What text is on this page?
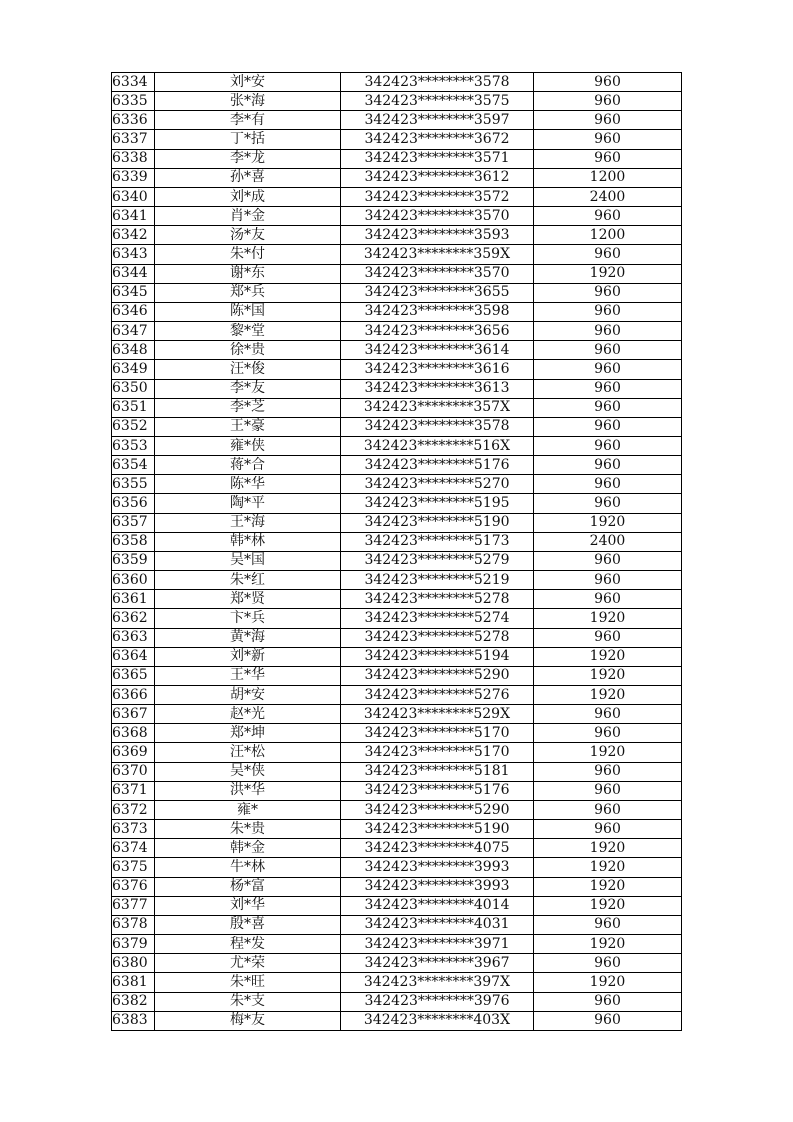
6334	刘*安	342423********3578	960
6335	张*海	342423********3575	960
6336	李*有	342423********3597	960
6337	丁*括	342423********3672	960
6338	李*龙	342423********3571	960
6339	孙*喜	342423********3612	1200
6340	刘*成	342423********3572	2400
6341	肖*金	342423********3570	960
6342	汤*友	342423********3593	1200
6343	朱*付	342423********359X	960
6344	谢*东	342423********3570	1920
6345	郑*兵	342423********3655	960
6346	陈*国	342423********3598	960
6347	黎*堂	342423********3656	960
6348	徐*贵	342423********3614	960
6349	汪*俊	342423********3616	960
6350	李*友	342423********3613	960
6351	李*芝	342423********357X	960
6352	王*豪	342423********3578	960
6353	雍*侠	342423********516X	960
6354	蒋*合	342423********5176	960
6355	陈*华	342423********5270	960
6356	陶*平	342423********5195	960
6357	王*海	342423********5190	1920
6358	韩*林	342423********5173	2400
6359	吴*国	342423********5279	960
6360	朱*红	342423********5219	960
6361	郑*贤	342423********5278	960
6362	卞*兵	342423********5274	1920
6363	黄*海	342423********5278	960
6364	刘*新	342423********5194	1920
6365	王*华	342423********5290	1920
6366	胡*安	342423********5276	1920
6367	赵*光	342423********529X	960
6368	郑*坤	342423********5170	960
6369	汪*松	342423********5170	1920
6370	吴*侠	342423********5181	960
6371	洪*华	342423********5176	960
6372	雍*	342423********5290	960
6373	朱*贵	342423********5190	960
6374	韩*金	342423********4075	1920
6375	牛*林	342423********3993	1920
6376	杨*富	342423********3993	1920
6377	刘*华	342423********4014	1920
6378	殷*喜	342423********4031	960
6379	程*发	342423********3971	1920
6380	尤*荣	342423********3967	960
6381	朱*旺	342423********397X	1920
6382	朱*支	342423********3976	960
6383	梅*友	342423********403X	960
